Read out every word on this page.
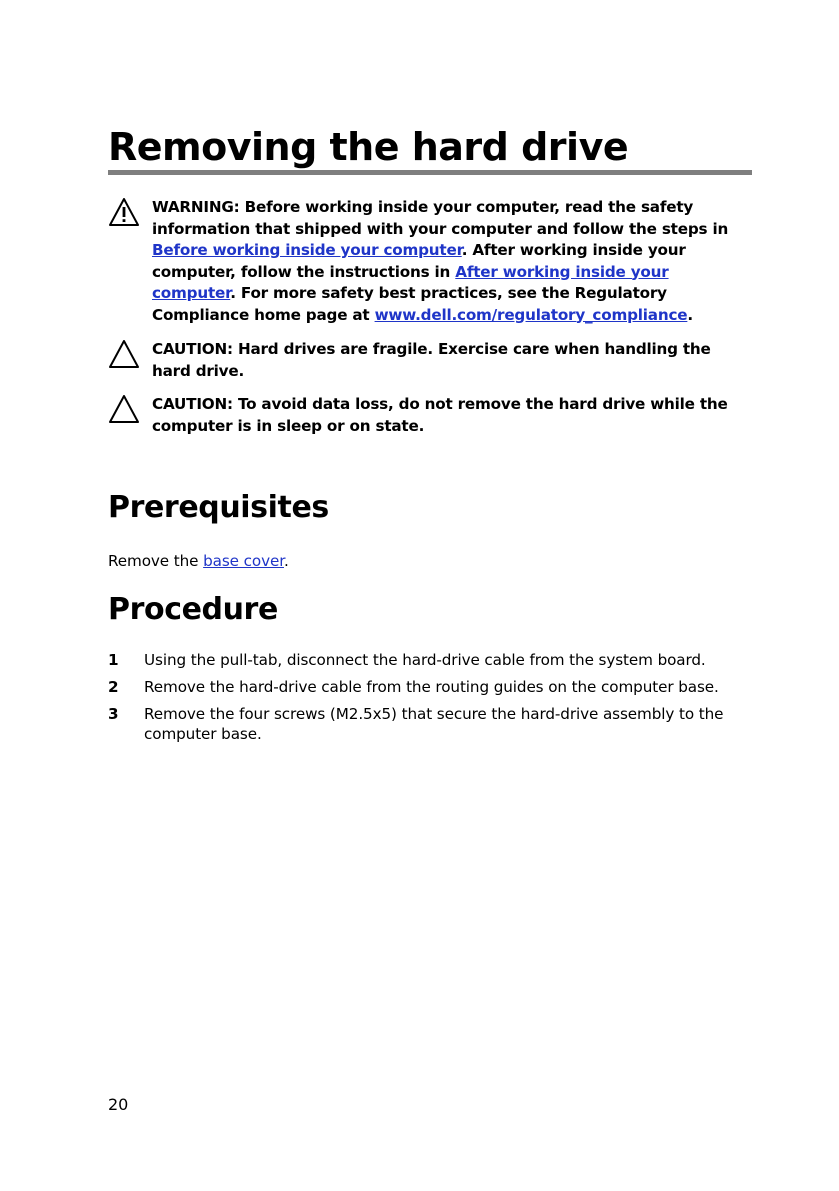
Removing the hard drive
WARNING: Before working inside your computer, read the safety information that shipped with your computer and follow the steps in Before working inside your computer. After working inside your computer, follow the instructions in After working inside your computer. For more safety best practices, see the Regulatory Compliance home page at www.dell.com/regulatory_compliance.
CAUTION: Hard drives are fragile. Exercise care when handling the hard drive.
CAUTION: To avoid data loss, do not remove the hard drive while the computer is in sleep or on state.
Prerequisites
Remove the base cover.
Procedure
1 Using the pull-tab, disconnect the hard-drive cable from the system board.
2 Remove the hard-drive cable from the routing guides on the computer base.
3 Remove the four screws (M2.5x5) that secure the hard-drive assembly to the computer base.
20
